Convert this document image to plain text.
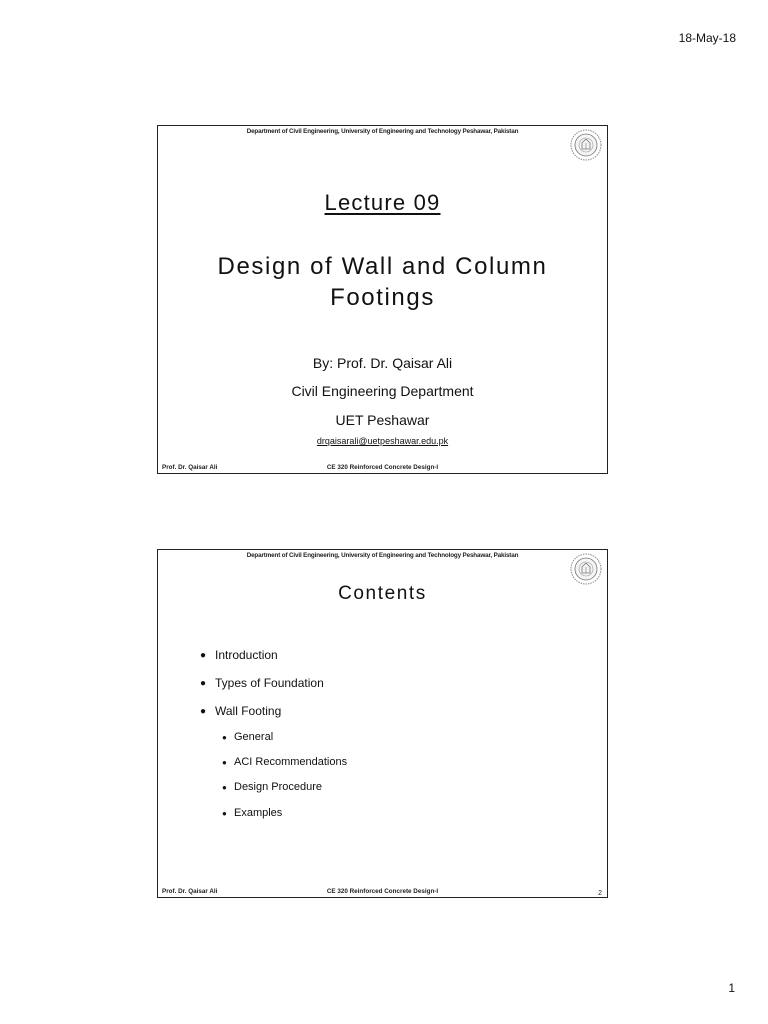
18-May-18
Department of Civil Engineering, University of Engineering and Technology Peshawar, Pakistan
Lecture 09
Design of Wall and Column Footings
By: Prof. Dr. Qaisar Ali
Civil Engineering Department
UET Peshawar
drqaisarali@uetpeshawar.edu.pk
Prof. Dr. Qaisar Ali	CE 320 Reinforced Concrete Design-I
Department of Civil Engineering, University of Engineering and Technology Peshawar, Pakistan
Contents
● Introduction
● Types of Foundation
● Wall Footing
● General
● ACI Recommendations
● Design Procedure
● Examples
Prof. Dr. Qaisar Ali	CE 320 Reinforced Concrete Design-I	2
1
